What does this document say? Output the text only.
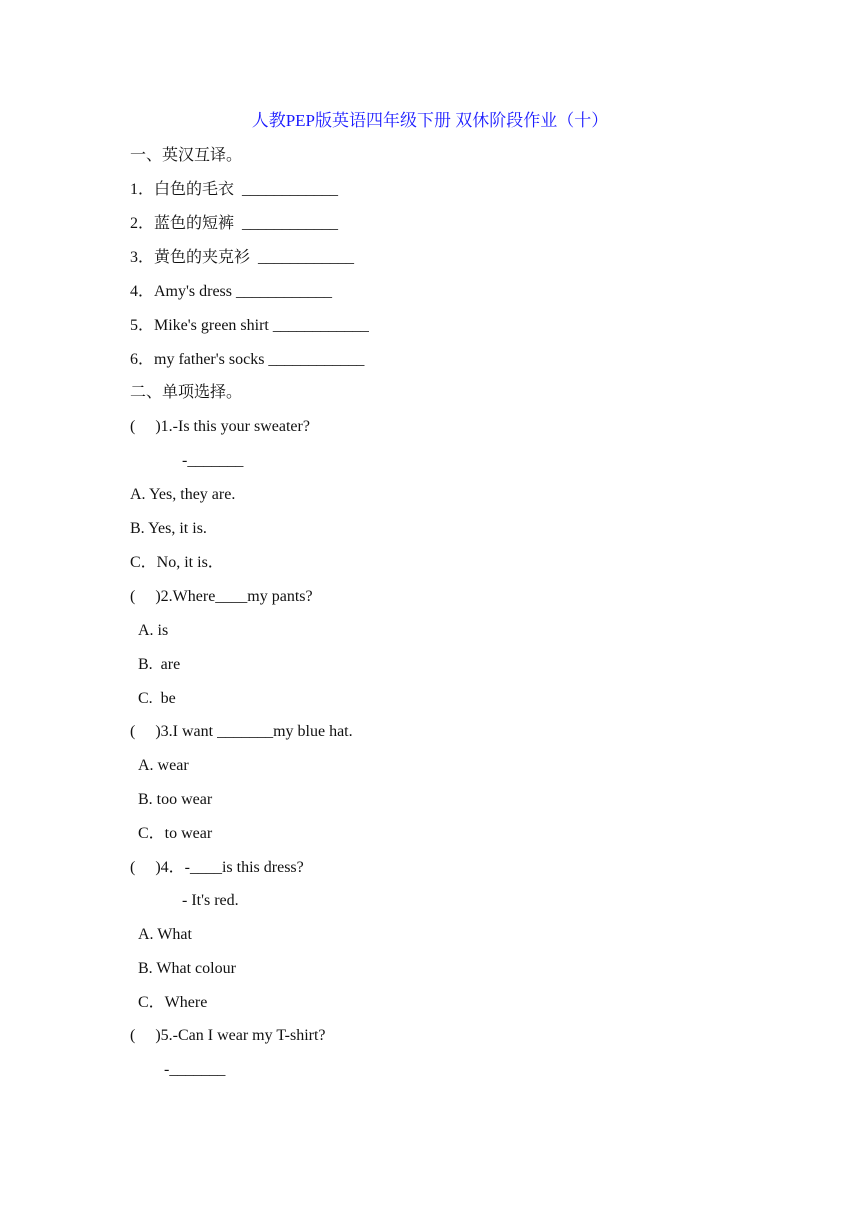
人教PEP版英语四年级下册 双休阶段作业（十）
一、英汉互译。
1．白色的毛衣  ____________
2．蓝色的短裤  ____________
3．黄色的夹克衫  ____________
4．Amy's dress ____________
5．Mike's green shirt ____________
6．my father's socks ____________
二、单项选择。
(     )1.-Is this your sweater?
-_______
A. Yes, they are.
B. Yes, it is.
C．No, it is．
(     )2.Where____my pants?
A. is
B.  are
C.  be
(     )3.I want _______my blue hat.
A. wear
B. too wear
C．to wear
(     )4．-____is this dress?
- It's red.
A. What
B. What colour
C．Where
(     )5.-Can I wear my T-shirt?
-_______
